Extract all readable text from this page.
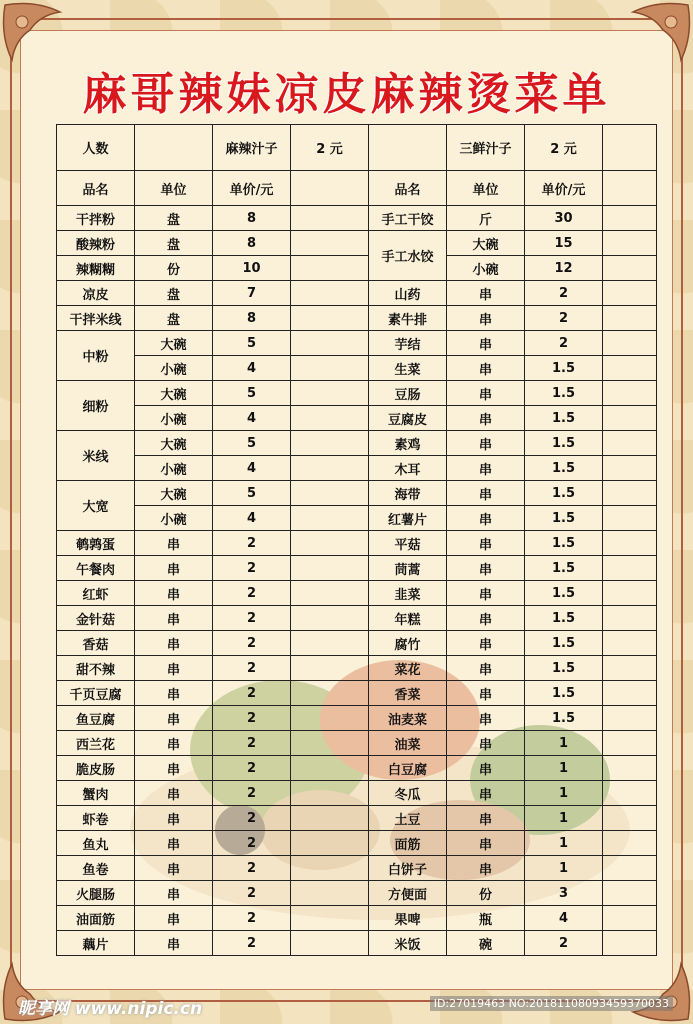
麻哥辣妹凉皮麻辣烫菜单
人数		麻辣汁子	2 元		三鲜汁子	2 元	
品名	单位	单价/元		品名	单位	单价/元	
干拌粉	盘	8		手工干饺	斤	30	
酸辣粉	盘	8		手工水饺	大碗	15	
辣糊糊	份	10			小碗	12	
凉皮	盘	7		山药	串	2	
干拌米线	盘	8		素牛排	串	2	
中粉	大碗	5		芋结	串	2	
	小碗	4		生菜	串	1.5	
细粉	大碗	5		豆肠	串	1.5	
	小碗	4		豆腐皮	串	1.5	
米线	大碗	5		素鸡	串	1.5	
	小碗	4		木耳	串	1.5	
大宽	大碗	5		海带	串	1.5	
	小碗	4		红薯片	串	1.5	
鹌鹑蛋	串	2		平菇	串	1.5	
午餐肉	串	2		茼蒿	串	1.5	
红虾	串	2		韭菜	串	1.5	
金针菇	串	2		年糕	串	1.5	
香菇	串	2		腐竹	串	1.5	
甜不辣	串	2		菜花	串	1.5	
千页豆腐	串	2		香菜	串	1.5	
鱼豆腐	串	2		油麦菜	串	1.5	
西兰花	串	2		油菜	串	1	
脆皮肠	串	2		白豆腐	串	1	
蟹肉	串	2		冬瓜	串	1	
虾卷	串	2		土豆	串	1	
鱼丸	串	2		面筋	串	1	
鱼卷	串	2		白饼子	串	1	
火腿肠	串	2		方便面	份	3	
油面筋	串	2		果啤	瓶	4	
藕片	串	2		米饭	碗	2	
昵享网 www.nipic.cn	ID:27019463 NO:20181108093459370033
